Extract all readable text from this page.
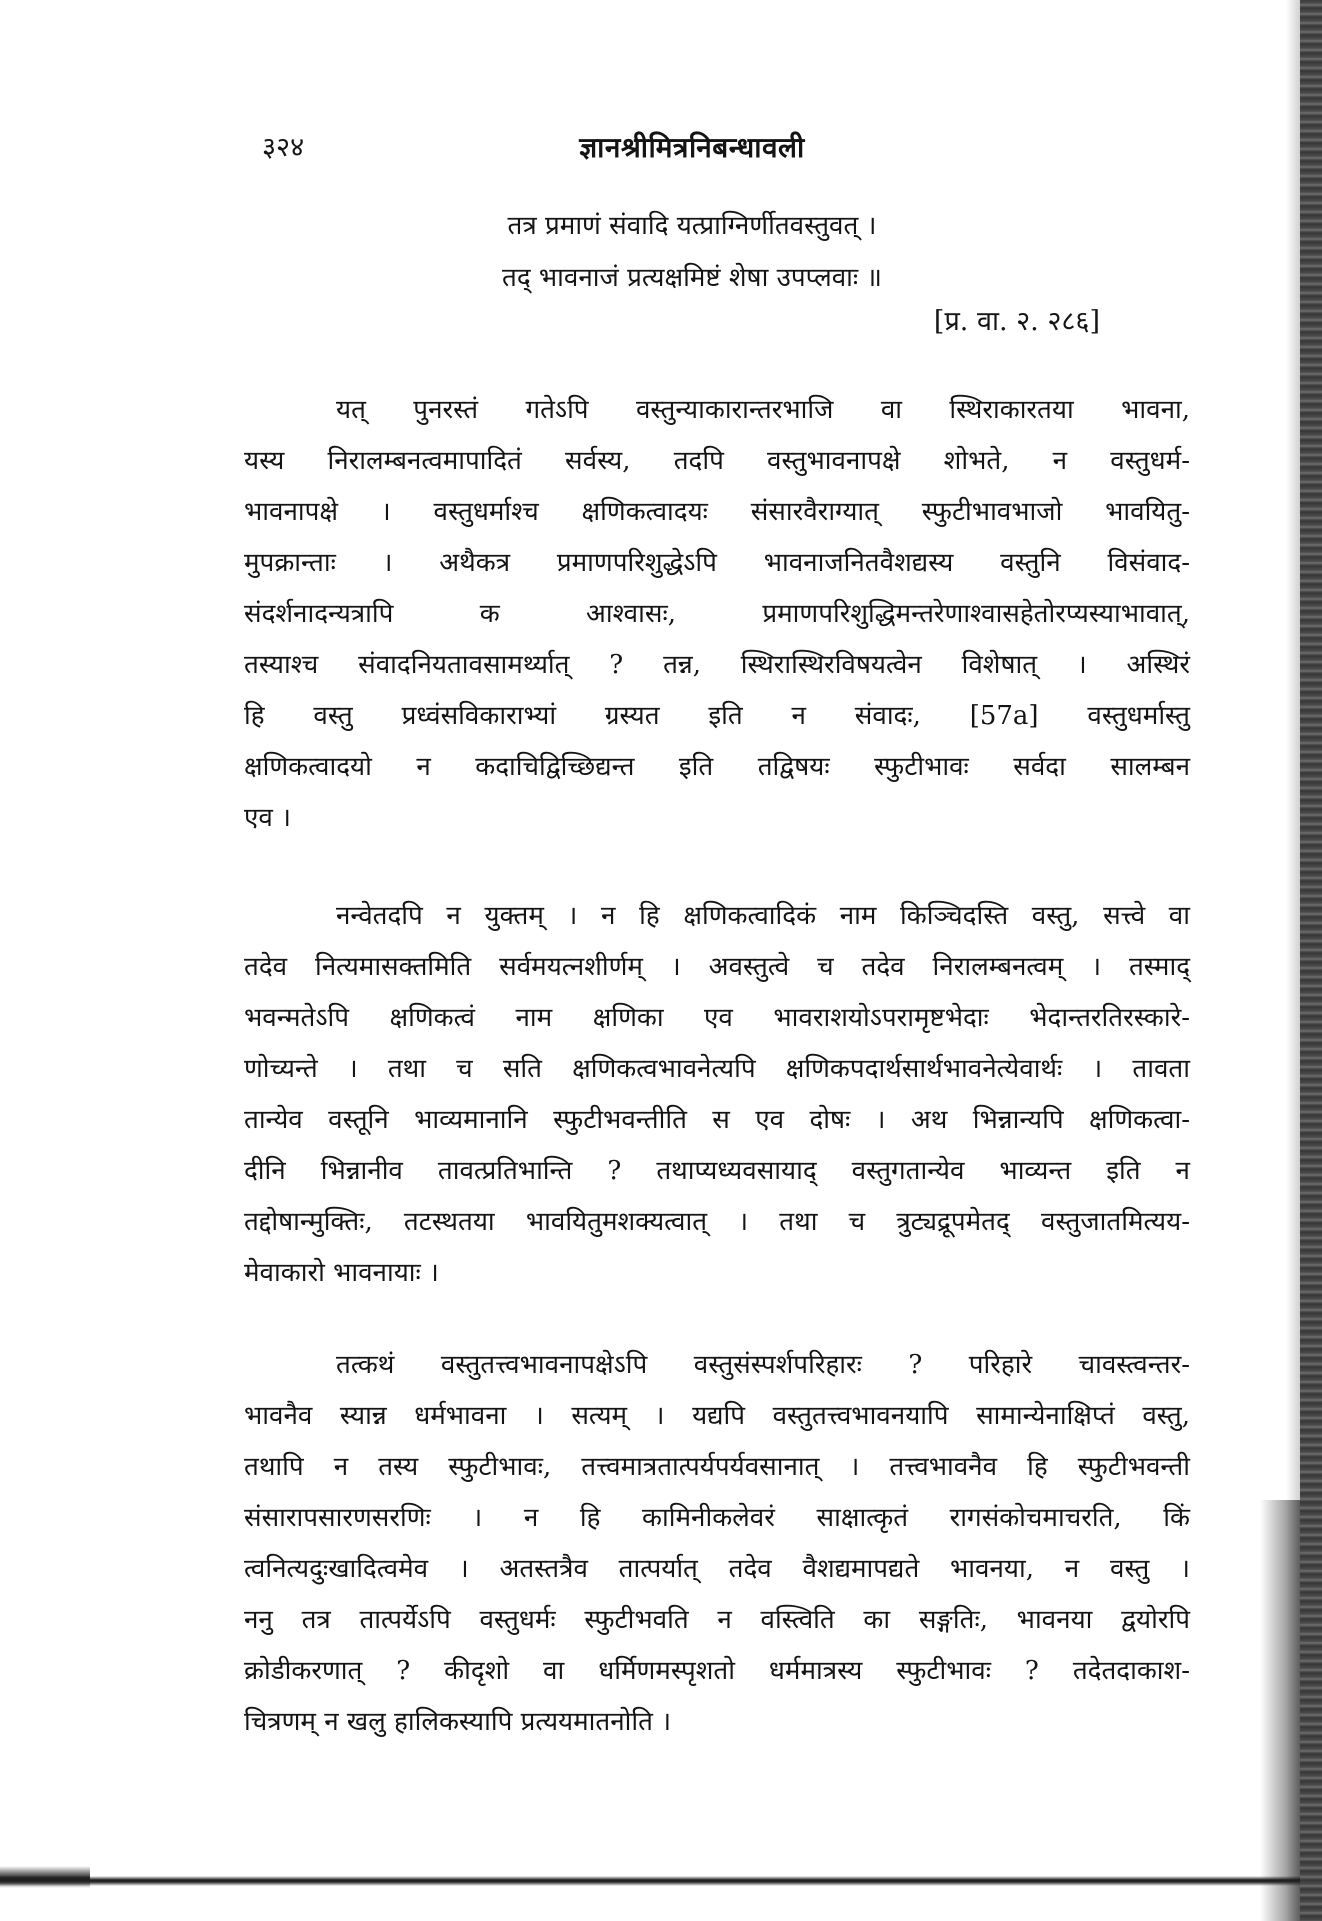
३२४	ज्ञानश्रीमित्रनिबन्धावली
तत्र प्रमाणं संवादि यत्प्राग्निर्णीतवस्तुवत् ।
तद् भावनाजं प्रत्यक्षमिष्टं शेषा उपप्लवाः ॥
[प्र. वा. २. २८६]
यत् पुनरस्तं गतेऽपि वस्तुन्याकारान्तरभाजि वा स्थिराकारतया भावना,
यस्य निरालम्बनत्वमापादितं सर्वस्य, तदपि वस्तुभावनापक्षे शोभते, न वस्तुधर्म-
भावनापक्षे । वस्तुधर्माश्च क्षणिकत्वादयः संसारवैराग्यात् स्फुटीभावभाजो भावयितु-
मुपक्रान्ताः । अथैकत्र प्रमाणपरिशुद्धेऽपि भावनाजनितवैशद्यस्य वस्तुनि विसंवाद-
संदर्शनादन्यत्रापि क आश्वासः, प्रमाणपरिशुद्धिमन्तरेणाश्वासहेतोरप्यस्याभावात्,
तस्याश्च संवादनियतावसामर्थ्यात् ? तन्न, स्थिरास्थिरविषयत्वेन विशेषात् । अस्थिरं
हि वस्तु प्रध्वंसविकाराभ्यां ग्रस्यत इति न संवादः, [57a] वस्तुधर्मास्तु
क्षणिकत्वादयो न कदाचिद्विच्छिद्यन्त इति तद्विषयः स्फुटीभावः सर्वदा सालम्बन
एव ।
नन्वेतदपि न युक्तम् । न हि क्षणिकत्वादिकं नाम किञ्चिदस्ति वस्तु, सत्त्वे वा
तदेव नित्यमासक्तमिति सर्वमयत्नशीर्णम् । अवस्तुत्वे च तदेव निरालम्बनत्वम् । तस्माद्
भवन्मतेऽपि क्षणिकत्वं नाम क्षणिका एव भावराशयोऽपरामृष्टभेदाः भेदान्तरतिरस्कारे-
णोच्यन्ते । तथा च सति क्षणिकत्वभावनेत्यपि क्षणिकपदार्थसार्थभावनेत्येवार्थः । तावता
तान्येव वस्तूनि भाव्यमानानि स्फुटीभवन्तीति स एव दोषः । अथ भिन्नान्यपि क्षणिकत्वा-
दीनि भिन्नानीव तावत्प्रतिभान्ति ? तथाप्यध्यवसायाद् वस्तुगतान्येव भाव्यन्त इति न
तद्दोषान्मुक्तिः, तटस्थतया भावयितुमशक्यत्वात् । तथा च त्रुट्यद्रूपमेतद् वस्तुजातमित्यय-
मेवाकारो भावनायाः ।
तत्कथं वस्तुतत्त्वभावनापक्षेऽपि वस्तुसंस्पर्शपरिहारः ? परिहारे चावस्त्वन्तर-
भावनैव स्यान्न धर्मभावना । सत्यम् । यद्यपि वस्तुतत्त्वभावनयापि सामान्येनाक्षिप्तं वस्तु,
तथापि न तस्य स्फुटीभावः, तत्त्वमात्रतात्पर्यपर्यवसानात् । तत्त्वभावनैव हि स्फुटीभवन्ती
संसारापसारणसरणिः । न हि कामिनीकलेवरं साक्षात्कृतं रागसंकोचमाचरति, किं
त्वनित्यदुःखादित्वमेव । अतस्तत्रैव तात्पर्यात् तदेव वैशद्यमापद्यते भावनया, न वस्तु ।
ननु तत्र तात्पर्येऽपि वस्तुधर्मः स्फुटीभवति न वस्त्विति का सङ्गतिः, भावनया द्वयोरपि
क्रोडीकरणात् ? कीदृशो वा धर्मिणमस्पृशतो धर्ममात्रस्य स्फुटीभावः ? तदेतदाकाश-
चित्रणम् न खलु हालिकस्यापि प्रत्ययमातनोति ।
